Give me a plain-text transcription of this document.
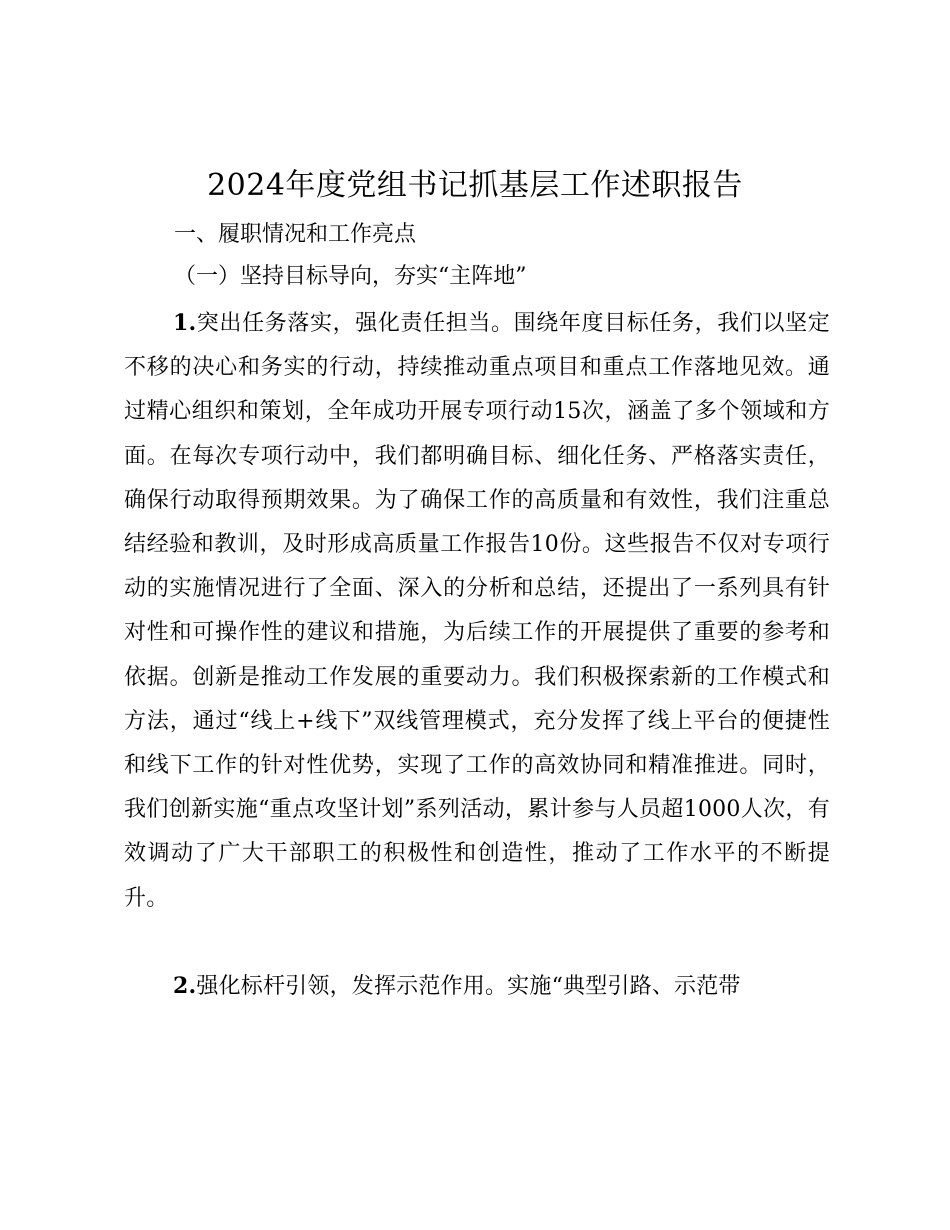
2024年度党组书记抓基层工作述职报告
一、履职情况和工作亮点
（一）坚持目标导向，夯实“主阵地”

1.突出任务落实，强化责任担当。围绕年度目标任务，我们以坚定不移的决心和务实的行动，持续推动重点项目和重点工作落地见效。通过精心组织和策划，全年成功开展专项行动15次，涵盖了多个领域和方面。在每次专项行动中，我们都明确目标、细化任务、严格落实责任，确保行动取得预期效果。为了确保工作的高质量和有效性，我们注重总结经验和教训，及时形成高质量工作报告10份。这些报告不仅对专项行动的实施情况进行了全面、深入的分析和总结，还提出了一系列具有针对性和可操作性的建议和措施，为后续工作的开展提供了重要的参考和依据。创新是推动工作发展的重要动力。我们积极探索新的工作模式和方法，通过“线上+线下”双线管理模式，充分发挥了线上平台的便捷性和线下工作的针对性优势，实现了工作的高效协同和精准推进。同时，我们创新实施“重点攻坚计划”系列活动，累计参与人员超1000人次，有效调动了广大干部职工的积极性和创造性，推动了工作水平的不断提升。

2.强化标杆引领，发挥示范作用。实施“典型引路、示范带
